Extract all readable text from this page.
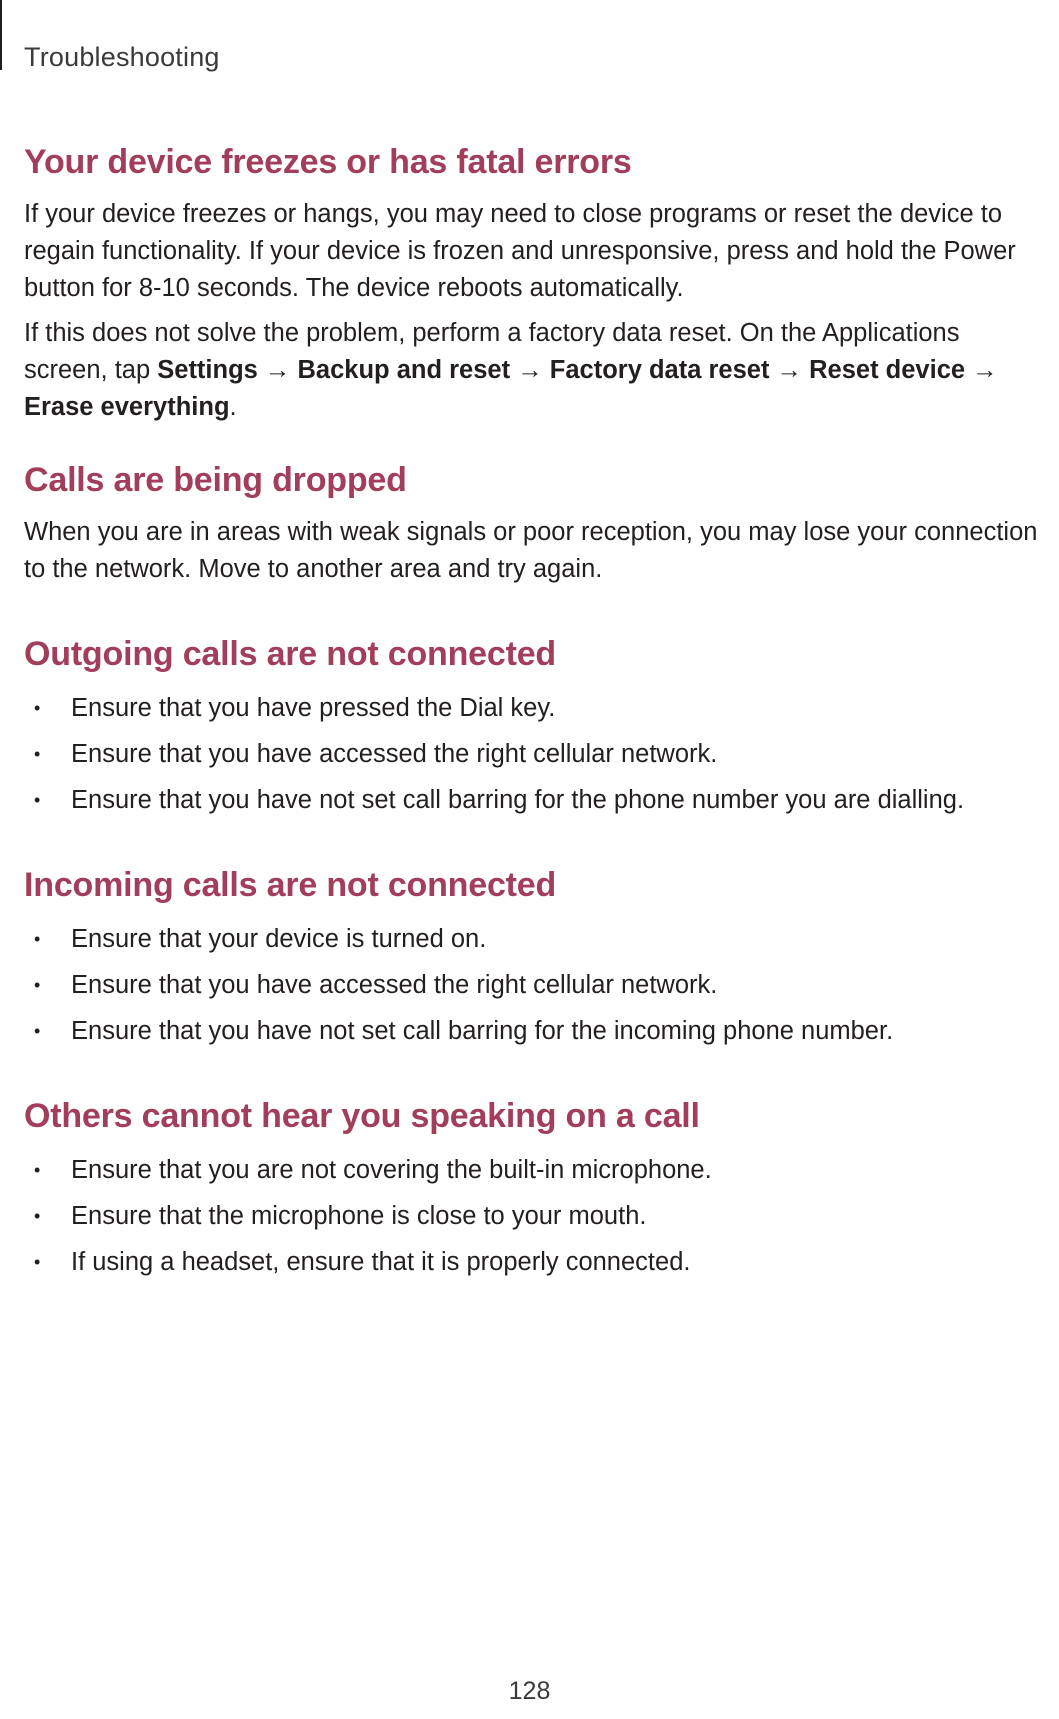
Troubleshooting
Your device freezes or has fatal errors

If your device freezes or hangs, you may need to close programs or reset the device to regain functionality. If your device is frozen and unresponsive, press and hold the Power button for 8-10 seconds. The device reboots automatically.

If this does not solve the problem, perform a factory data reset. On the Applications screen, tap Settings → Backup and reset → Factory data reset → Reset device → Erase everything.

Calls are being dropped

When you are in areas with weak signals or poor reception, you may lose your connection to the network. Move to another area and try again.

Outgoing calls are not connected
• Ensure that you have pressed the Dial key.
• Ensure that you have accessed the right cellular network.
• Ensure that you have not set call barring for the phone number you are dialling.
Incoming calls are not connected
• Ensure that your device is turned on.
• Ensure that you have accessed the right cellular network.
• Ensure that you have not set call barring for the incoming phone number.
Others cannot hear you speaking on a call
• Ensure that you are not covering the built-in microphone.
• Ensure that the microphone is close to your mouth.
• If using a headset, ensure that it is properly connected.
128
